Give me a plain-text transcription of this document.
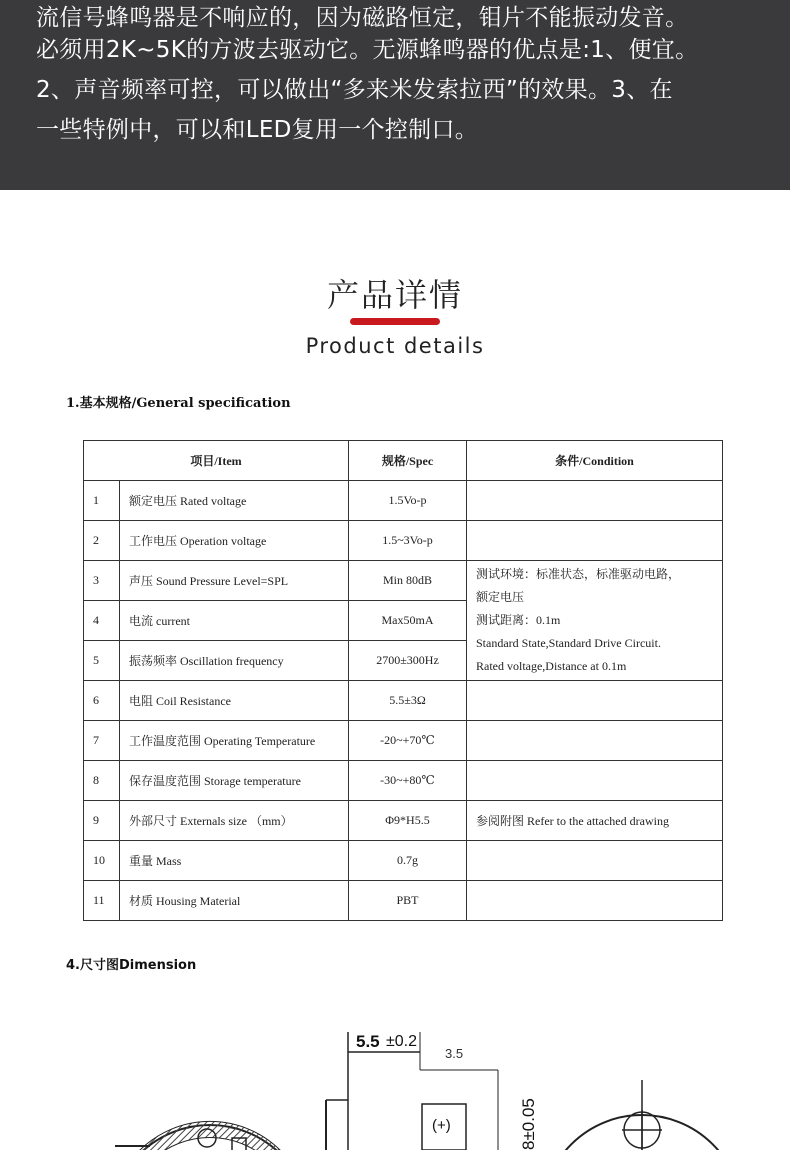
流信号蜂鸣器是不响应的，因为磁路恒定，钼片不能振动发音。

必须用2K~5K的方波去驱动它。无源蜂鸣器的优点是:1、便宜。

2、声音频率可控，可以做出“多来米发索拉西”的效果。3、在

一些特例中，可以和LED复用一个控制口。

产品详情
Product details
1.基本规格/General specification
项目/Item		规格/Spec	条件/Condition
1	额定电压 Rated voltage	1.5Vo-p	
2	工作电压 Operation voltage	1.5~3Vo-p	
3	声压 Sound Pressure Level=SPL	Min 80dB	测试环境：标准状态，标准驱动电路，
额定电压
测试距离：0.1m
Standard State,Standard Drive Circuit.
Rated voltage,Distance at 0.1m

4	电流 current	Max50mA	
5	振荡频率 Oscillation frequency	2700±300Hz	
6	电阻 Coil Resistance	5.5±3Ω	
7	工作温度范围 Operating Temperature	-20~+70℃	
8	保存温度范围 Storage temperature	-30~+80℃	
9	外部尺寸 Externals size （mm）	Φ9*H5.5	参阅附图 Refer to the attached drawing
10	重量 Mass	0.7g	
11	材质 Housing Material	PBT	
4.尺寸图Dimension
5.5 ±0.2
3.5
(+)	8±0.05
